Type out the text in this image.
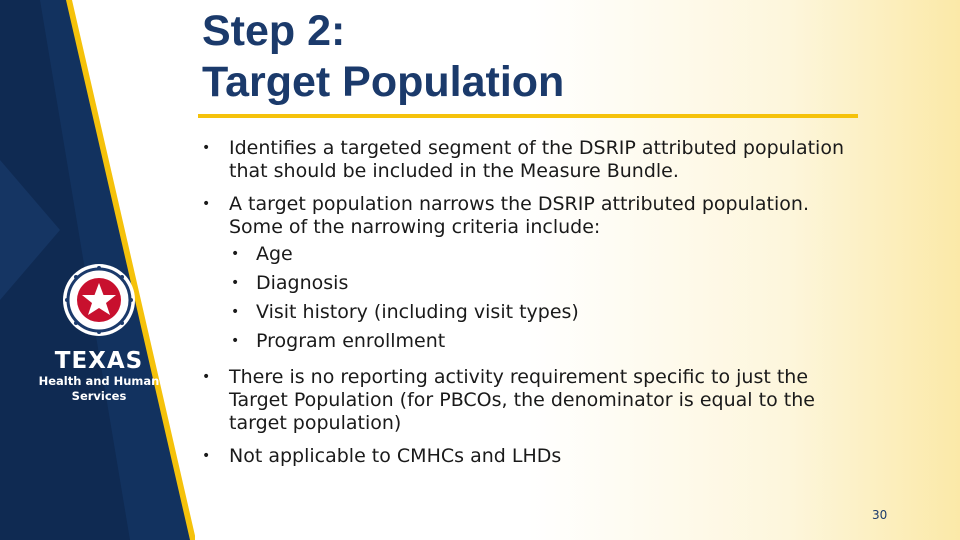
TEXAS
Health and Human
Services
Step 2:
Target Population
• Identifies a targeted segment of the DSRIP attributed population that should be included in the Measure Bundle.
• A target population narrows the DSRIP attributed population. Some of the narrowing criteria include:
• Age
• Diagnosis
• Visit history (including visit types)
• Program enrollment
• There is no reporting activity requirement specific to just the Target Population (for PBCOs, the denominator is equal to the target population)
• Not applicable to CMHCs and LHDs
30
